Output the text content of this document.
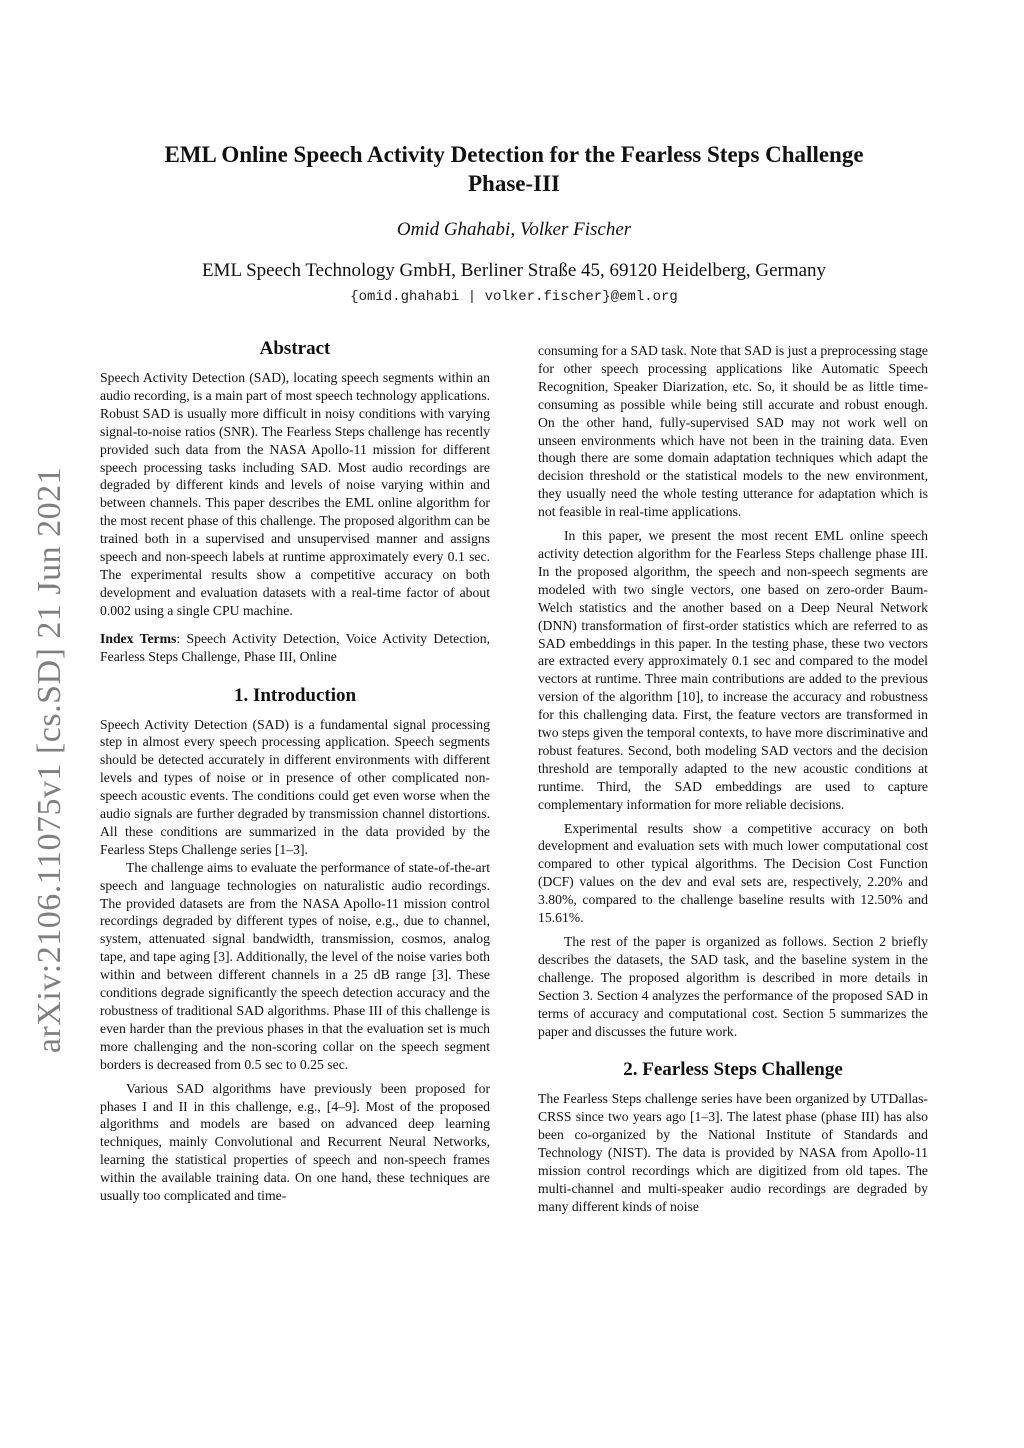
arXiv:2106.11075v1 [cs.SD] 21 Jun 2021
EML Online Speech Activity Detection for the Fearless Steps Challenge
Phase-III
Omid Ghahabi, Volker Fischer
EML Speech Technology GmbH, Berliner Straße 45, 69120 Heidelberg, Germany
{omid.ghahabi | volker.fischer}@eml.org
Abstract

Speech Activity Detection (SAD), locating speech segments within an audio recording, is a main part of most speech technology applications. Robust SAD is usually more difficult in noisy conditions with varying signal-to-noise ratios (SNR). The Fearless Steps challenge has recently provided such data from the NASA Apollo-11 mission for different speech processing tasks including SAD. Most audio recordings are degraded by different kinds and levels of noise varying within and between channels. This paper describes the EML online algorithm for the most recent phase of this challenge. The proposed algorithm can be trained both in a supervised and unsupervised manner and assigns speech and non-speech labels at runtime approximately every 0.1 sec. The experimental results show a competitive accuracy on both development and evaluation datasets with a real-time factor of about 0.002 using a single CPU machine.

Index Terms: Speech Activity Detection, Voice Activity Detection, Fearless Steps Challenge, Phase III, Online

1. Introduction

Speech Activity Detection (SAD) is a fundamental signal processing step in almost every speech processing application. Speech segments should be detected accurately in different environments with different levels and types of noise or in presence of other complicated non-speech acoustic events. The conditions could get even worse when the audio signals are further degraded by transmission channel distortions. All these conditions are summarized in the data provided by the Fearless Steps Challenge series [1–3].

The challenge aims to evaluate the performance of state-of-the-art speech and language technologies on naturalistic audio recordings. The provided datasets are from the NASA Apollo-11 mission control recordings degraded by different types of noise, e.g., due to channel, system, attenuated signal bandwidth, transmission, cosmos, analog tape, and tape aging [3]. Additionally, the level of the noise varies both within and between different channels in a 25 dB range [3]. These conditions degrade significantly the speech detection accuracy and the robustness of traditional SAD algorithms. Phase III of this challenge is even harder than the previous phases in that the evaluation set is much more challenging and the non-scoring collar on the speech segment borders is decreased from 0.5 sec to 0.25 sec.

Various SAD algorithms have previously been proposed for phases I and II in this challenge, e.g., [4–9]. Most of the proposed algorithms and models are based on advanced deep learning techniques, mainly Convolutional and Recurrent Neural Networks, learning the statistical properties of speech and non-speech frames within the available training data. On one hand, these techniques are usually too complicated and time-

consuming for a SAD task. Note that SAD is just a preprocessing stage for other speech processing applications like Automatic Speech Recognition, Speaker Diarization, etc. So, it should be as little time-consuming as possible while being still accurate and robust enough. On the other hand, fully-supervised SAD may not work well on unseen environments which have not been in the training data. Even though there are some domain adaptation techniques which adapt the decision threshold or the statistical models to the new environment, they usually need the whole testing utterance for adaptation which is not feasible in real-time applications.

In this paper, we present the most recent EML online speech activity detection algorithm for the Fearless Steps challenge phase III. In the proposed algorithm, the speech and non-speech segments are modeled with two single vectors, one based on zero-order Baum-Welch statistics and the another based on a Deep Neural Network (DNN) transformation of first-order statistics which are referred to as SAD embeddings in this paper. In the testing phase, these two vectors are extracted every approximately 0.1 sec and compared to the model vectors at runtime. Three main contributions are added to the previous version of the algorithm [10], to increase the accuracy and robustness for this challenging data. First, the feature vectors are transformed in two steps given the temporal contexts, to have more discriminative and robust features. Second, both modeling SAD vectors and the decision threshold are temporally adapted to the new acoustic conditions at runtime. Third, the SAD embeddings are used to capture complementary information for more reliable decisions.

Experimental results show a competitive accuracy on both development and evaluation sets with much lower computational cost compared to other typical algorithms. The Decision Cost Function (DCF) values on the dev and eval sets are, respectively, 2.20% and 3.80%, compared to the challenge baseline results with 12.50% and 15.61%.

The rest of the paper is organized as follows. Section 2 briefly describes the datasets, the SAD task, and the baseline system in the challenge. The proposed algorithm is described in more details in Section 3. Section 4 analyzes the performance of the proposed SAD in terms of accuracy and computational cost. Section 5 summarizes the paper and discusses the future work.

2. Fearless Steps Challenge

The Fearless Steps challenge series have been organized by UTDallas-CRSS since two years ago [1–3]. The latest phase (phase III) has also been co-organized by the National Institute of Standards and Technology (NIST). The data is provided by NASA from Apollo-11 mission control recordings which are digitized from old tapes. The multi-channel and multi-speaker audio recordings are degraded by many different kinds of noise
